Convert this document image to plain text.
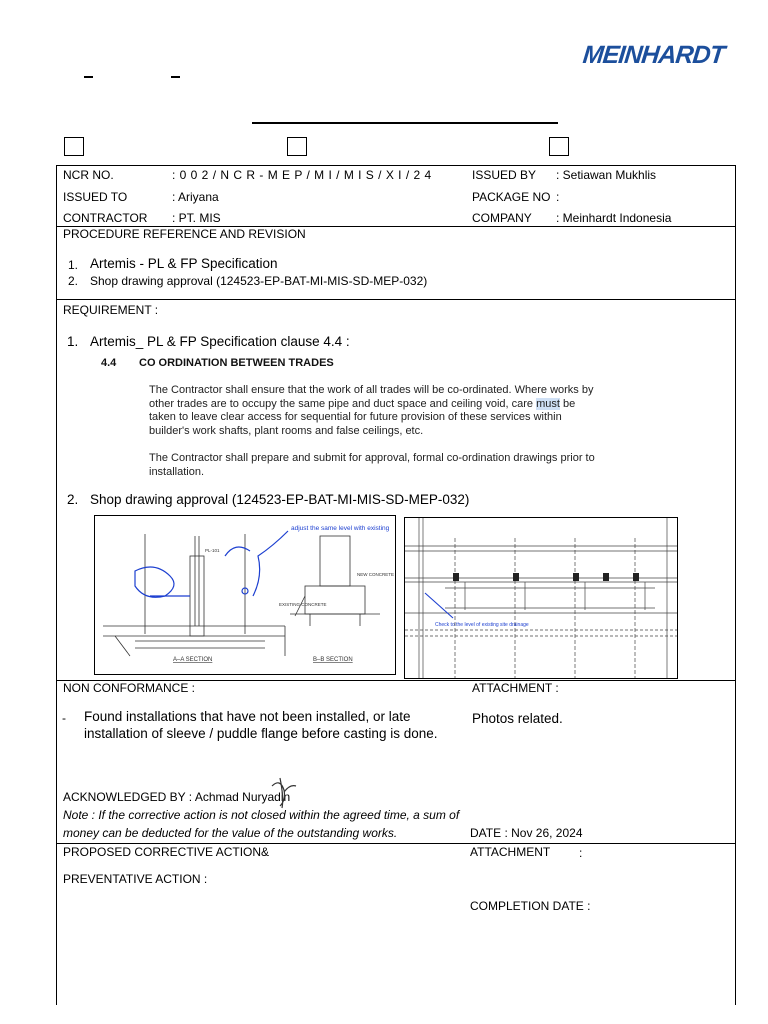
MEINHARDT
NCR NO.	: 0 0 2 / N C R - M E P / M I / M I S / X I / 2 4
ISSUED TO	: Ariyana
CONTRACTOR : PT. MIS
ISSUED BY : Setiawan Mukhlis
PACKAGE NO :
COMPANY : Meinhardt Indonesia
PROCEDURE REFERENCE AND REVISION
1. Artemis - PL & FP Specification
2. Shop drawing approval (124523-EP-BAT-MI-MIS-SD-MEP-032)
REQUIREMENT :
1. Artemis_ PL & FP Specification clause 4.4 :
4.4 CO ORDINATION BETWEEN TRADES
The Contractor shall ensure that the work of all trades will be co-ordinated. Where works by other trades are to occupy the same pipe and duct space and ceiling void, care must be taken to leave clear access for sequential for future provision of these services within builder's work shafts, plant rooms and false ceilings, etc.
The Contractor shall prepare and submit for approval, formal co-ordination drawings prior to installation.
2. Shop drawing approval (124523-EP-BAT-MI-MIS-SD-MEP-032)
adjust the same level with existing
PL-101
NEW CONCRETE
EXISTING CONCRETE
A–A SECTION	B–B SECTION
Check to the level of existing site drainage
NON CONFORMANCE :	ATTACHMENT :
- Found installations that have not been installed, or late
installation of sleeve / puddle flange before casting is done.
Photos related.
ACKNOWLEDGED BY : Achmad Nuryadin
Note : If the corrective action is not closed within the agreed time, a sum of
money can be deducted for the value of the outstanding works.	DATE : Nov 26, 2024
PROPOSED CORRECTIVE ACTION&	ATTACHMENT :
PREVENTATIVE ACTION :
COMPLETION DATE :
